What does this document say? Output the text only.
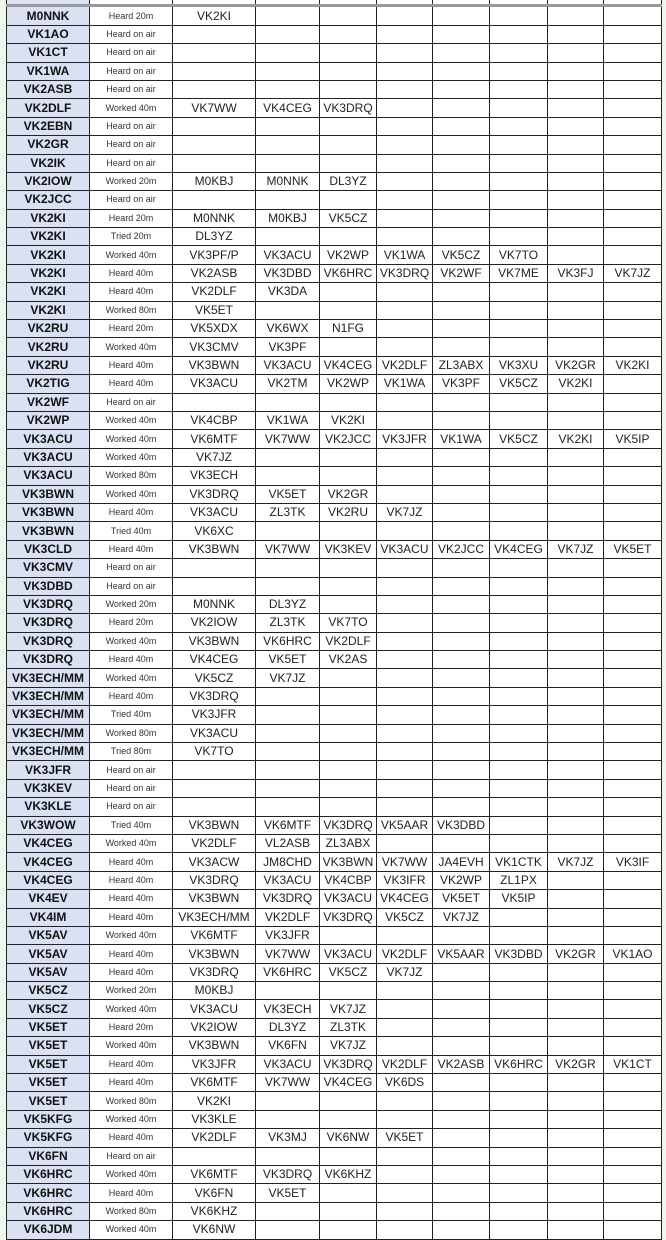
M0NNK	Heard 20m	VK2KI							
VK1AO	Heard on air								
VK1CT	Heard on air								
VK1WA	Heard on air								
VK2ASB	Heard on air								
VK2DLF	Worked 40m	VK7WW	VK4CEG	VK3DRQ					
VK2EBN	Heard on air								
VK2GR	Heard on air								
VK2IK	Heard on air								
VK2IOW	Worked 20m	M0KBJ	M0NNK	DL3YZ					
VK2JCC	Heard on air								
VK2KI	Heard 20m	M0NNK	M0KBJ	VK5CZ					
VK2KI	Tried 20m	DL3YZ							
VK2KI	Worked 40m	VK3PF/P	VK3ACU	VK2WP	VK1WA	VK5CZ	VK7TO		
VK2KI	Heard 40m	VK2ASB	VK3DBD	VK6HRC	VK3DRQ	VK2WF	VK7ME	VK3FJ	VK7JZ
VK2KI	Heard 40m	VK2DLF	VK3DA						
VK2KI	Worked 80m	VK5ET							
VK2RU	Heard 20m	VK5XDX	VK6WX	N1FG					
VK2RU	Worked 40m	VK3CMV	VK3PF						
VK2RU	Heard 40m	VK3BWN	VK3ACU	VK4CEG	VK2DLF	ZL3ABX	VK3XU	VK2GR	VK2KI
VK2TIG	Heard 40m	VK3ACU	VK2TM	VK2WP	VK1WA	VK3PF	VK5CZ	VK2KI	
VK2WF	Heard on air								
VK2WP	Worked 40m	VK4CBP	VK1WA	VK2KI					
VK3ACU	Worked 40m	VK6MTF	VK7WW	VK2JCC	VK3JFR	VK1WA	VK5CZ	VK2KI	VK5IP
VK3ACU	Worked 40m	VK7JZ							
VK3ACU	Worked 80m	VK3ECH							
VK3BWN	Worked 40m	VK3DRQ	VK5ET	VK2GR					
VK3BWN	Heard 40m	VK3ACU	ZL3TK	VK2RU	VK7JZ				
VK3BWN	Tried 40m	VK6XC							
VK3CLD	Heard 40m	VK3BWN	VK7WW	VK3KEV	VK3ACU	VK2JCC	VK4CEG	VK7JZ	VK5ET
VK3CMV	Heard on air								
VK3DBD	Heard on air								
VK3DRQ	Worked 20m	M0NNK	DL3YZ						
VK3DRQ	Heard 20m	VK2IOW	ZL3TK	VK7TO					
VK3DRQ	Worked 40m	VK3BWN	VK6HRC	VK2DLF					
VK3DRQ	Heard 40m	VK4CEG	VK5ET	VK2AS					
VK3ECH/MM	Worked 40m	VK5CZ	VK7JZ						
VK3ECH/MM	Heard 40m	VK3DRQ							
VK3ECH/MM	Tried 40m	VK3JFR							
VK3ECH/MM	Worked 80m	VK3ACU							
VK3ECH/MM	Tried 80m	VK7TO							
VK3JFR	Heard on air								
VK3KEV	Heard on air								
VK3KLE	Heard on air								
VK3WOW	Tried 40m	VK3BWN	VK6MTF	VK3DRQ	VK5AAR	VK3DBD			
VK4CEG	Worked 40m	VK2DLF	VL2ASB	ZL3ABX					
VK4CEG	Heard 40m	VK3ACW	JM8CHD	VK3BWN	VK7WW	JA4EVH	VK1CTK	VK7JZ	VK3IF
VK4CEG	Heard 40m	VK3DRQ	VK3ACU	VK4CBP	VK3IFR	VK2WP	ZL1PX		
VK4EV	Heard 40m	VK3BWN	VK3DRQ	VK3ACU	VK4CEG	VK5ET	VK5IP		
VK4IM	Heard 40m	VK3ECH/MM	VK2DLF	VK3DRQ	VK5CZ	VK7JZ			
VK5AV	Worked 40m	VK6MTF	VK3JFR						
VK5AV	Heard 40m	VK3BWN	VK7WW	VK3ACU	VK2DLF	VK5AAR	VK3DBD	VK2GR	VK1AO
VK5AV	Heard 40m	VK3DRQ	VK6HRC	VK5CZ	VK7JZ				
VK5CZ	Worked 20m	M0KBJ							
VK5CZ	Worked 40m	VK3ACU	VK3ECH	VK7JZ					
VK5ET	Heard 20m	VK2IOW	DL3YZ	ZL3TK					
VK5ET	Worked 40m	VK3BWN	VK6FN	VK7JZ					
VK5ET	Heard 40m	VK3JFR	VK3ACU	VK3DRQ	VK2DLF	VK2ASB	VK6HRC	VK2GR	VK1CT
VK5ET	Heard 40m	VK6MTF	VK7WW	VK4CEG	VK6DS				
VK5ET	Worked 80m	VK2KI							
VK5KFG	Worked 40m	VK3KLE							
VK5KFG	Heard 40m	VK2DLF	VK3MJ	VK6NW	VK5ET				
VK6FN	Heard on air								
VK6HRC	Worked 40m	VK6MTF	VK3DRQ	VK6KHZ					
VK6HRC	Heard 40m	VK6FN	VK5ET						
VK6HRC	Worked 80m	VK6KHZ							
VK6JDM	Worked 40m	VK6NW							
